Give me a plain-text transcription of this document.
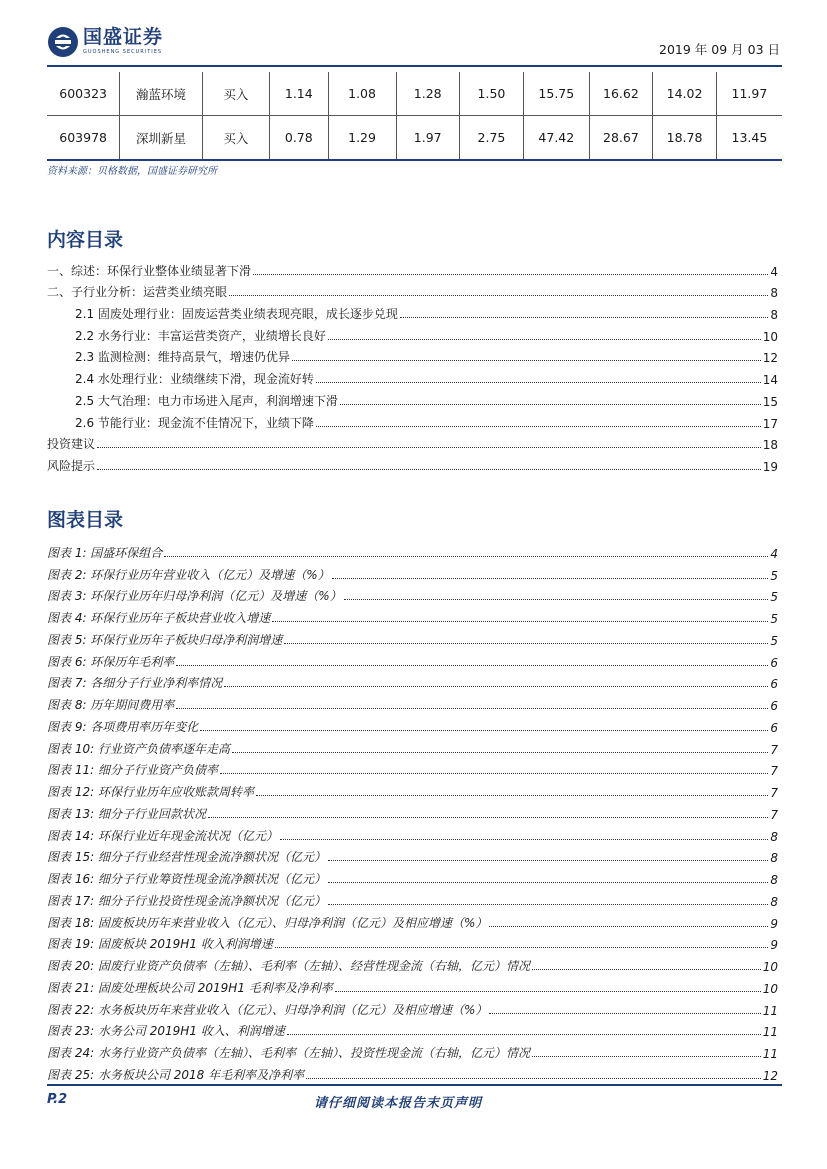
国盛证券
GUOSHENG SECURITIES	2019 年 09 月 03 日
600323	瀚蓝环境	买入	1.14	1.08	1.28	1.50	15.75	16.62	14.02	11.97
603978	深圳新星	买入	0.78	1.29	1.97	2.75	47.42	28.67	18.78	13.45
资料来源：贝格数据，国盛证券研究所
内容目录
一、综述：环保行业整体业绩显著下滑	4
二、子行业分析：运营类业绩亮眼	8
2.1 固废处理行业：固废运营类业绩表现亮眼，成长逐步兑现	8
2.2 水务行业：丰富运营类资产，业绩增长良好	10
2.3 监测检测：维持高景气，增速仍优异	12
2.4 水处理行业：业绩继续下滑，现金流好转	14
2.5 大气治理：电力市场进入尾声，利润增速下滑	15
2.6 节能行业：现金流不佳情况下，业绩下降	17
投资建议	18
风险提示	19
图表目录
图表 1: 国盛环保组合	4
图表 2: 环保行业历年营业收入（亿元）及增速（%）	5
图表 3: 环保行业历年归母净利润（亿元）及增速（%）	5
图表 4: 环保行业历年子板块营业收入增速	5
图表 5: 环保行业历年子板块归母净利润增速	5
图表 6: 环保历年毛利率	6
图表 7: 各细分子行业净利率情况	6
图表 8: 历年期间费用率	6
图表 9: 各项费用率历年变化	6
图表 10: 行业资产负债率逐年走高	7
图表 11: 细分子行业资产负债率	7
图表 12: 环保行业历年应收账款周转率	7
图表 13: 细分子行业回款状况	7
图表 14: 环保行业近年现金流状况（亿元）	8
图表 15: 细分子行业经营性现金流净额状况（亿元）	8
图表 16: 细分子行业筹资性现金流净额状况（亿元）	8
图表 17: 细分子行业投资性现金流净额状况（亿元）	8
图表 18: 固废板块历年来营业收入（亿元）、归母净利润（亿元）及相应增速（%）	9
图表 19: 固废板块 2019H1 收入利润增速	9
图表 20: 固废行业资产负债率（左轴）、毛利率（左轴）、经营性现金流（右轴，亿元）情况	10
图表 21: 固废处理板块公司 2019H1 毛利率及净利率	10
图表 22: 水务板块历年来营业收入（亿元）、归母净利润（亿元）及相应增速（%）	11
图表 23: 水务公司 2019H1 收入、利润增速	11
图表 24: 水务行业资产负债率（左轴）、毛利率（左轴）、投资性现金流（右轴，亿元）情况	11
图表 25: 水务板块公司 2018 年毛利率及净利率	12
P.2	请仔细阅读本报告末页声明
